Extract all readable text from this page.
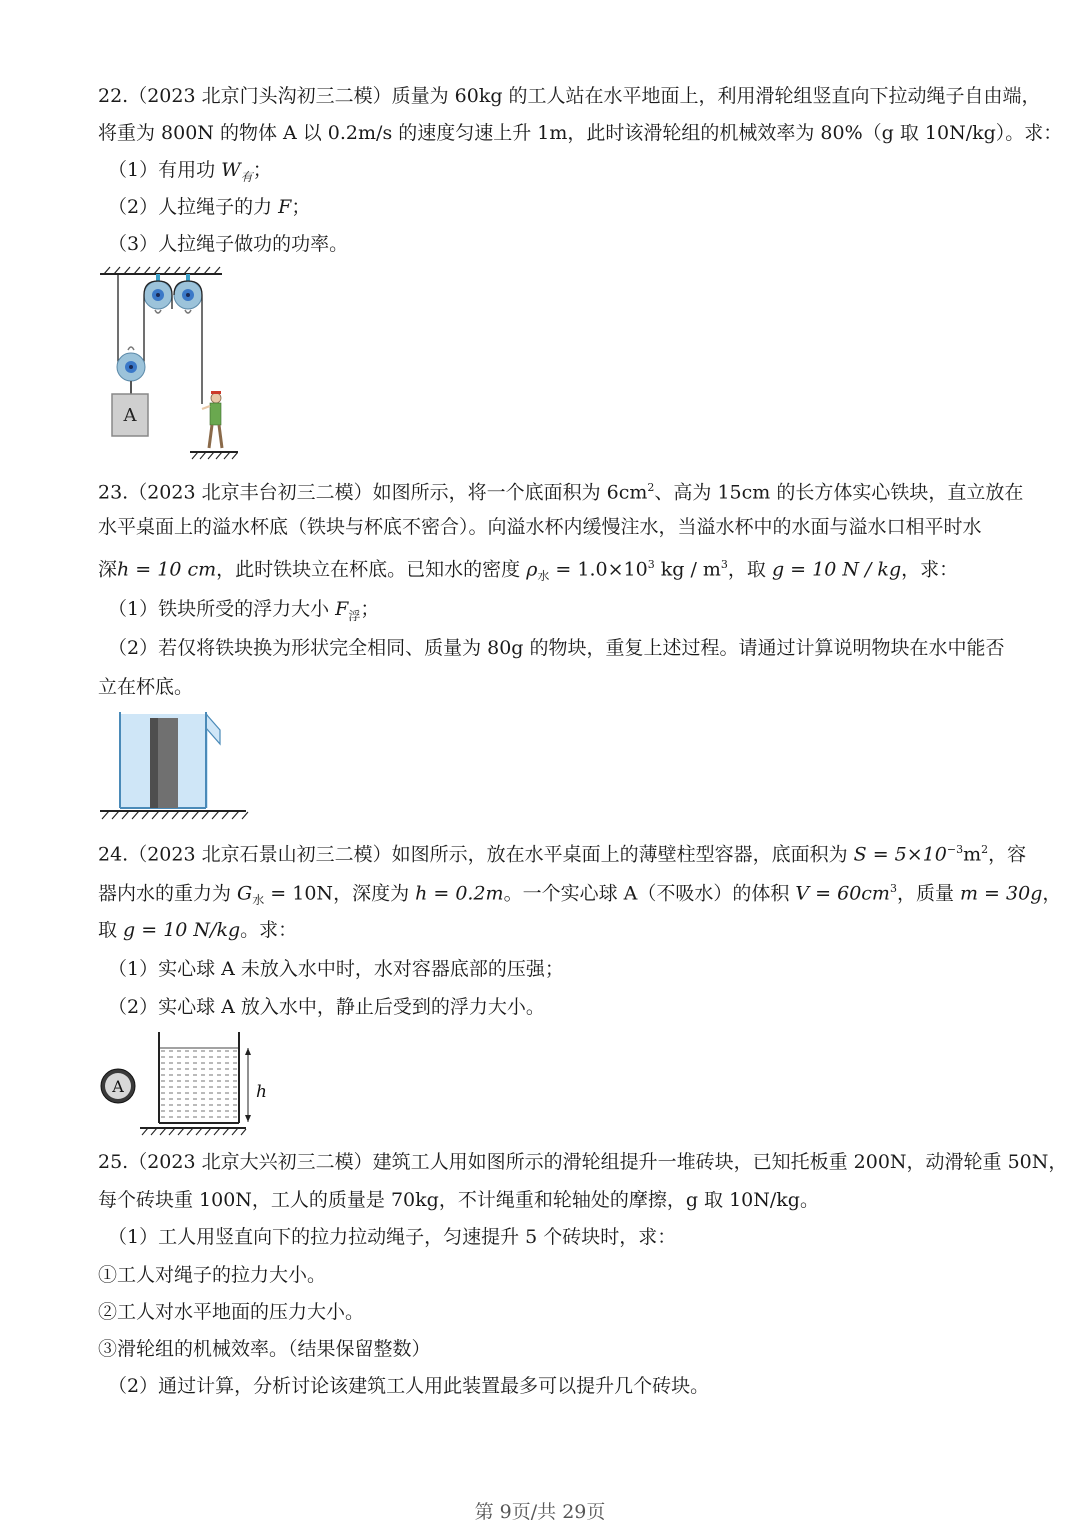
22.（2023 北京门头沟初三二模）质量为 60kg 的工人站在水平地面上，利用滑轮组竖直向下拉动绳子自由端，
将重为 800N 的物体 A 以 0.2m/s 的速度匀速上升 1m，此时该滑轮组的机械效率为 80%（g 取 10N/kg）。求：
（1）有用功 $W_有$；
（2）人拉绳子的力 F；
（3）人拉绳子做功的功率。
A
23.（2023 北京丰台初三二模）如图所示，将一个底面积为 $6cm^2$、高为 15cm 的长方体实心铁块，直立放在
水平桌面上的溢水杯底（铁块与杯底不密合）。向溢水杯内缓慢注水，当溢水杯中的水面与溢水口相平时水
深h = 10 cm，此时铁块立在杯底。已知水的密度 $\rho_水 = 1.0\times 10^3$ kg / $m^3$，取 g = 10 N / kg，求：
（1）铁块所受的浮力大小 $F_浮$；
（2）若仅将铁块换为形状完全相同、质量为 80g 的物块，重复上述过程。请通过计算说明物块在水中能否
立在杯底。
24.（2023 北京石景山初三二模）如图所示，放在水平桌面上的薄壁柱型容器，底面积为 $S = 5\times 10^{-3}m^2$，容
器内水的重力为 $G_水 = 10N$，深度为 h = 0.2m。一个实心球 A（不吸水）的体积 $V = 60cm^3$，质量 m = 30g，
取 g = 10 N/kg。求：
（1）实心球 A 未放入水中时，水对容器底部的压强；
（2）实心球 A 放入水中，静止后受到的浮力大小。
A	h
25.（2023 北京大兴初三二模）建筑工人用如图所示的滑轮组提升一堆砖块，已知托板重 200N，动滑轮重 50N，
每个砖块重 100N，工人的质量是 70kg，不计绳重和轮轴处的摩擦，g 取 10N/kg。
（1）工人用竖直向下的拉力拉动绳子，匀速提升 5 个砖块时，求：
①工人对绳子的拉力大小。
②工人对水平地面的压力大小。
③滑轮组的机械效率。（结果保留整数）
（2）通过计算，分析讨论该建筑工人用此装置最多可以提升几个砖块。
第 9页/共 29页
